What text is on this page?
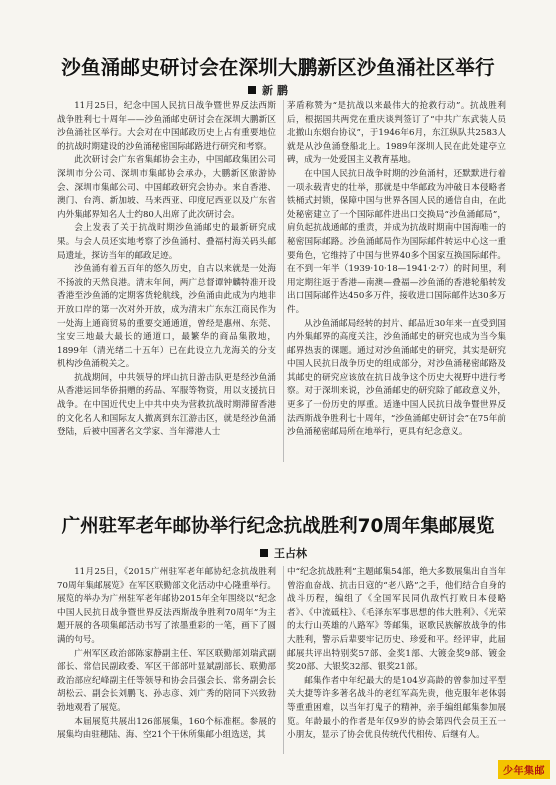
沙鱼涌邮史研讨会在深圳大鹏新区沙鱼涌社区举行
新 鹏

11月25日，纪念中国人民抗日战争暨世界反法西斯战争胜利七十周年——沙鱼涌邮史研讨会在深圳大鹏新区沙鱼涌社区举行。大会对在中国邮政历史上占有重要地位的抗战时期建设的沙鱼涌秘密国际邮路进行研究和考察。

此次研讨会广东省集邮协会主办，中国邮政集团公司深圳市分公司、深圳市集邮协会承办，大鹏新区旅游协会、深圳市集邮公司、中国邮政研究会协办。来自香港、澳门、台湾、新加坡、马来西亚、印度尼西亚以及广东省内外集邮界知名人士约80人出席了此次研讨会。

会上发表了关于抗战时期沙鱼涌邮史的最新研究成果。与会人员还实地考察了沙鱼涌村、叠福村海关码头邮局遗址，探访当年的邮政足迹。

沙鱼涌有着五百年的悠久历史，自古以来就是一处海不扬波的天然良港。清末年间，两广总督谭钟麟特准开设香港至沙鱼涌的定期客货轮航线，沙鱼涌由此成为内地非开放口岸的第一次对外开放，成为清末广东东江商民作为一处海上通商贸易的重要交通通道，曾经是惠州、东莞、宝安三地最大最长的通道口，最繁华的商品集散地，1899年（清光绪二十五年）已在此设立九龙海关的分支机构沙鱼涌税关之。

抗战期间，中共领导的坪山抗日游击队更是经沙鱼涌从香港运回华侨捐赠的药品、军服等物资，用以支援抗日战争。在中国近代史上中共中央为营救抗战时期滞留香港的文化名人和国际友人撤离到东江游击区，就是经沙鱼涌登陆，后被中国著名文学家、当年滞港人士

茅盾称赞为“是抗战以来最伟大的抢救行动”。抗战胜利后，根据国共两党在重庆谈判签订了“中共广东武装人员北撤山东烟台协议”，于1946年6月，东江纵队共2583人就是从沙鱼涌登船北上。1989年深圳人民在此处建亭立碑，成为一处爱国主义教育基地。

在中国人民抗日战争时期的沙鱼涌村，还默默进行着一项永载青史的壮举，那就是中华邮政为冲破日本侵略者铁桶式封锁，保障中国与世界各国人民的通信自由，在此处秘密建立了一个国际邮件进出口交换局“沙鱼涌邮局”，肩负起抗战通邮的重责，并成为抗战时期南中国海唯一的秘密国际邮路。沙鱼涌邮局作为国际邮件转运中心这一重要角色，它维持了中国与世界40多个国家互换国际邮件。在不到一年半（1939·10·18—1941·2·7）的时间里，利用定期往返于香港—南澳—叠福—沙鱼涌的香港轮船转发出口国际邮件达450多万件，接收进口国际邮件达30多万件。

从沙鱼涌邮局经转的封片、邮品近30年来一直受到国内外集邮界的高度关注，沙鱼涌邮史的研究也成为当今集邮界热衷的课题。通过对沙鱼涌邮史的研究，其实是研究中国人民抗日战争历史的组成部分，对沙鱼涌秘密邮路及其邮史的研究应该放在抗日战争这个历史大视野中进行考察。对于深圳来说，沙鱼涌邮史的研究除了邮政意义外，更多了一份历史的厚重。适逢中国人民抗日战争暨世界反法西斯战争胜利七十周年，“沙鱼涌邮史研讨会”在75年前沙鱼涌秘密邮局所在地举行，更具有纪念意义。

广州驻军老年邮协举行纪念抗战胜利70周年集邮展览
王占林

11月25日，《2015广州驻军老年邮协纪念抗战胜利70周年集邮展览》在军区联勤部文化活动中心隆重举行。展览的举办为广州驻军老年邮协2015年全年围绕以“纪念中国人民抗日战争暨世界反法西斯战争胜利70周年”为主题开展的各项集邮活动书写了浓墨重彩的一笔，画下了圆满的句号。

广州军区政治部陈家静副主任、军区联勤部刘瑞武副部长、常信民副政委、军区干部部叶显斌副部长、联勤部政治部应纪峰副主任等领导和协会吕强会长、常务副会长胡松云、副会长刘鹏飞、孙志彦、刘广秀的陪同下兴致勃勃地观看了展览。

本届展览共展出126部展集，160个标准框。参展的展集均由驻穗陆、海、空21个干休所集邮小组选送，其

中“纪念抗战胜利”主题邮集54部，绝大多数展集出自当年曾浴血奋战、抗击日寇的“老八路”之手，他们结合自身的战斗历程，编组了《全国军民同仇敌忾打败日本侵略者》、《中流砥柱》、《毛泽东军事思想的伟大胜利》、《光荣的太行山英雄的八路军》等邮集，讴歌民族解放战争的伟大胜利，警示后辈要牢记历史、珍爱和平。经评审，此届邮展共评出特别奖57部、金奖1部、大镀金奖9部、镀金奖20部、大银奖32部、银奖21部。

邮集作者中年纪最大的是104岁高龄的曾参加过平型关大捷等许多著名战斗的老红军高先贵，他克服年老体弱等重重困难，以当年打鬼子的精神，亲手编组邮集参加展览。年龄最小的作者是年仅9岁的协会第四代会员王五一小朋友，显示了协会优良传统代代相传、后继有人。

少年集邮
